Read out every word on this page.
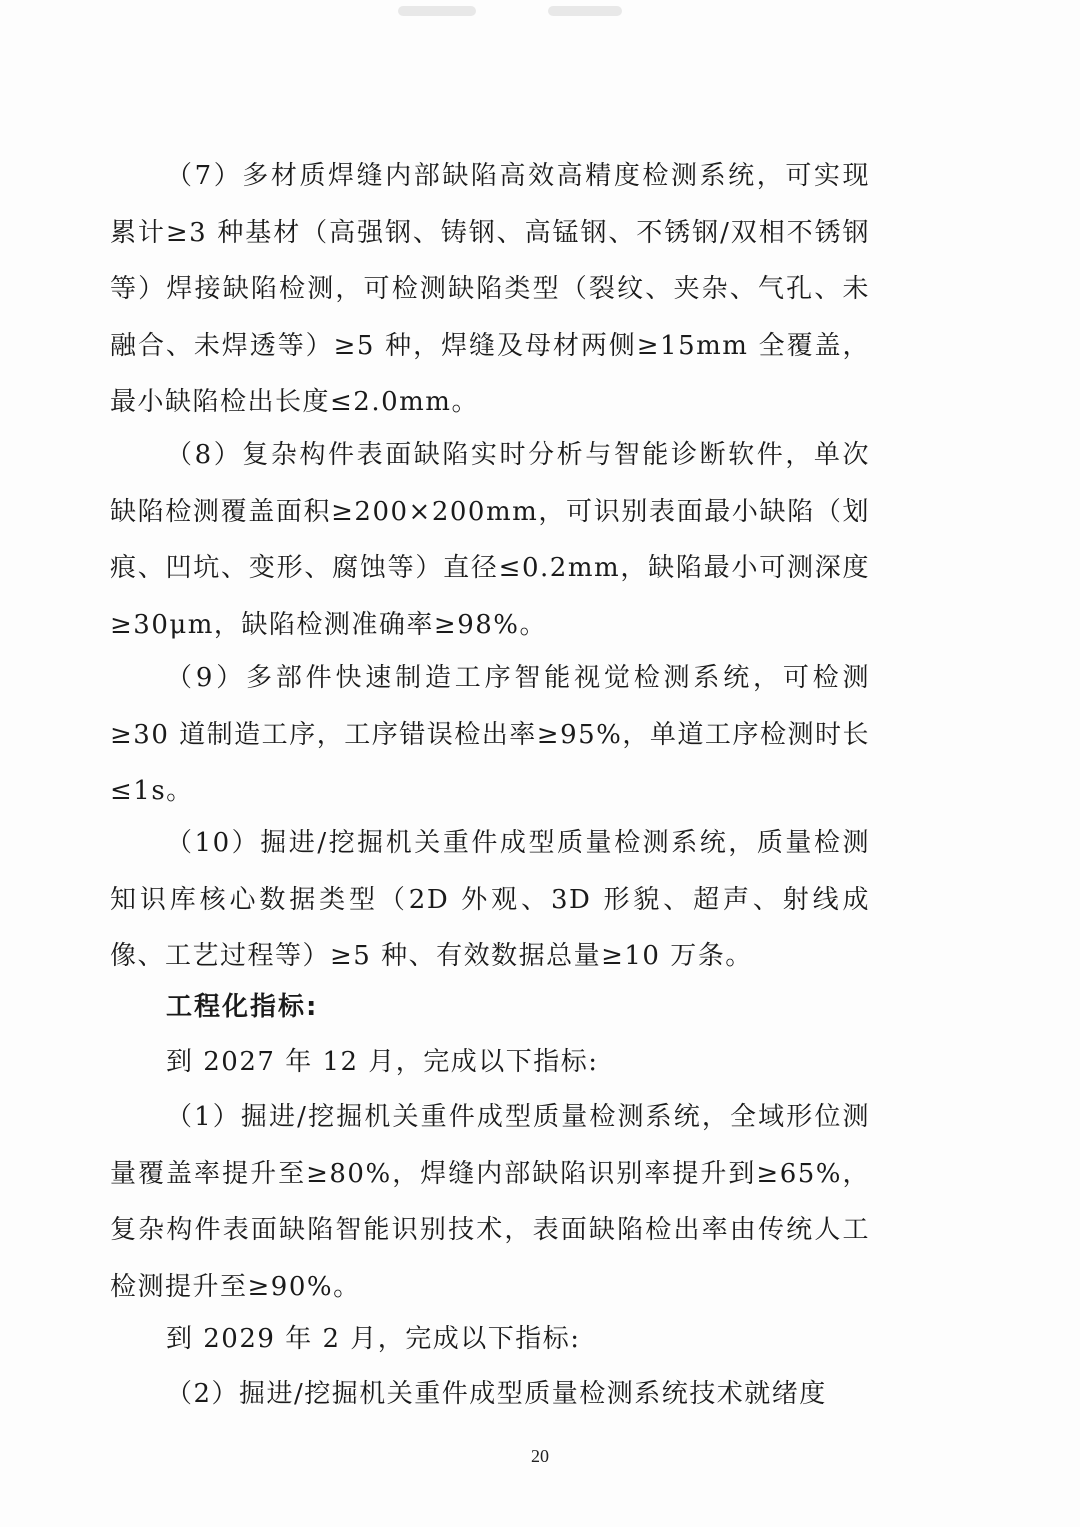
（7）多材质焊缝内部缺陷高效高精度检测系统，可实现累计≥3 种基材（高强钢、铸钢、高锰钢、不锈钢/双相不锈钢等）焊接缺陷检测，可检测缺陷类型（裂纹、夹杂、气孔、未融合、未焊透等）≥5 种，焊缝及母材两侧≥15mm 全覆盖，最小缺陷检出长度≤2.0mm。

（8）复杂构件表面缺陷实时分析与智能诊断软件，单次缺陷检测覆盖面积≥200×200mm，可识别表面最小缺陷（划痕、凹坑、变形、腐蚀等）直径≤0.2mm，缺陷最小可测深度≥30μm，缺陷检测准确率≥98%。

（9）多部件快速制造工序智能视觉检测系统，可检测≥30 道制造工序，工序错误检出率≥95%，单道工序检测时长≤1s。

（10）掘进/挖掘机关重件成型质量检测系统，质量检测知识库核心数据类型（2D 外观、3D 形貌、超声、射线成像、工艺过程等）≥5 种、有效数据总量≥10 万条。

工程化指标:

到 2027 年 12 月，完成以下指标:

（1）掘进/挖掘机关重件成型质量检测系统，全域形位测量覆盖率提升至≥80%，焊缝内部缺陷识别率提升到≥65%，复杂构件表面缺陷智能识别技术，表面缺陷检出率由传统人工检测提升至≥90%。

到 2029 年 2 月，完成以下指标:

（2）掘进/挖掘机关重件成型质量检测系统技术就绪度

20
